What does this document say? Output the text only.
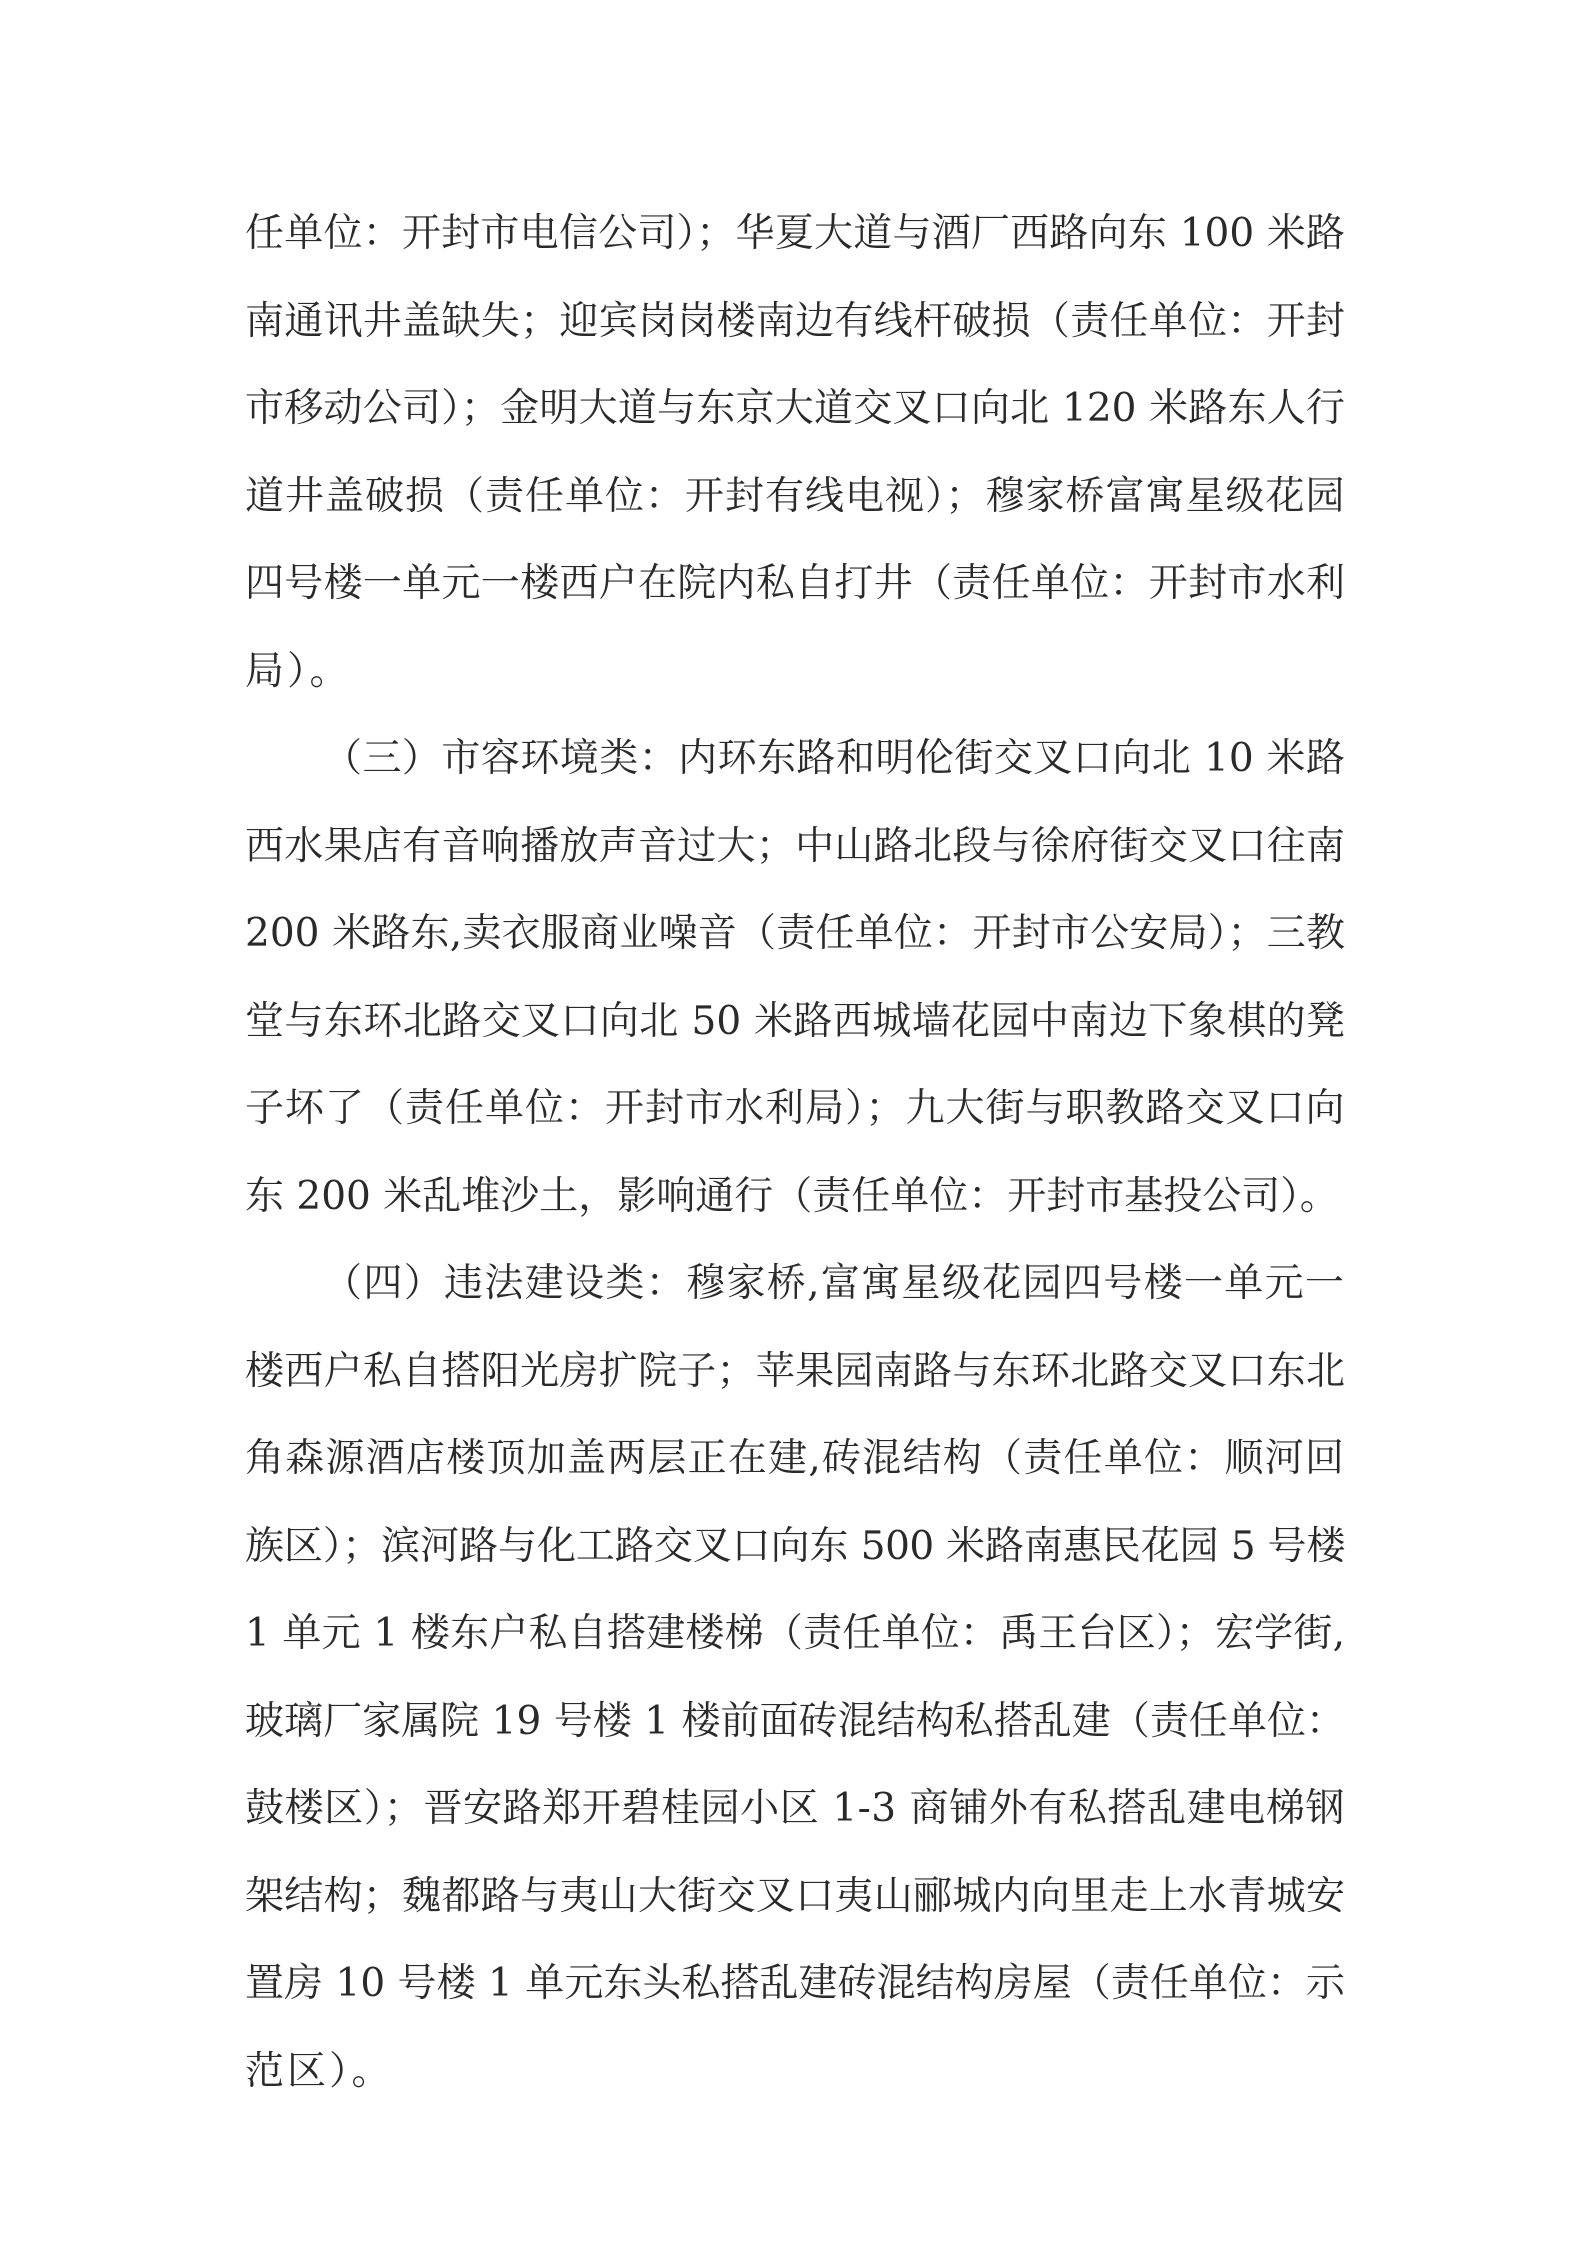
任单位：开封市电信公司）；华夏大道与酒厂西路向东 100 米路
南通讯井盖缺失；迎宾岗岗楼南边有线杆破损（责任单位：开封
市移动公司）；金明大道与东京大道交叉口向北 120 米路东人行
道井盖破损（责任单位：开封有线电视）；穆家桥富寓星级花园
四号楼一单元一楼西户在院内私自打井（责任单位：开封市水利
局）。
（三）市容环境类：内环东路和明伦街交叉口向北 10 米路
西水果店有音响播放声音过大；中山路北段与徐府街交叉口往南
200 米路东,卖衣服商业噪音（责任单位：开封市公安局）；三教
堂与东环北路交叉口向北 50 米路西城墙花园中南边下象棋的凳
子坏了（责任单位：开封市水利局）；九大街与职教路交叉口向
东 200 米乱堆沙土，影响通行（责任单位：开封市基投公司）。
（四）违法建设类：穆家桥,富寓星级花园四号楼一单元一
楼西户私自搭阳光房扩院子；苹果园南路与东环北路交叉口东北
角森源酒店楼顶加盖两层正在建,砖混结构（责任单位：顺河回
族区）；滨河路与化工路交叉口向东 500 米路南惠民花园 5 号楼
1 单元 1 楼东户私自搭建楼梯（责任单位：禹王台区）；宏学街,
玻璃厂家属院 19 号楼 1 楼前面砖混结构私搭乱建（责任单位：
鼓楼区）；晋安路郑开碧桂园小区 1-3 商铺外有私搭乱建电梯钢
架结构；魏都路与夷山大街交叉口夷山郦城内向里走上水青城安
置房 10 号楼 1 单元东头私搭乱建砖混结构房屋（责任单位：示
范区）。
